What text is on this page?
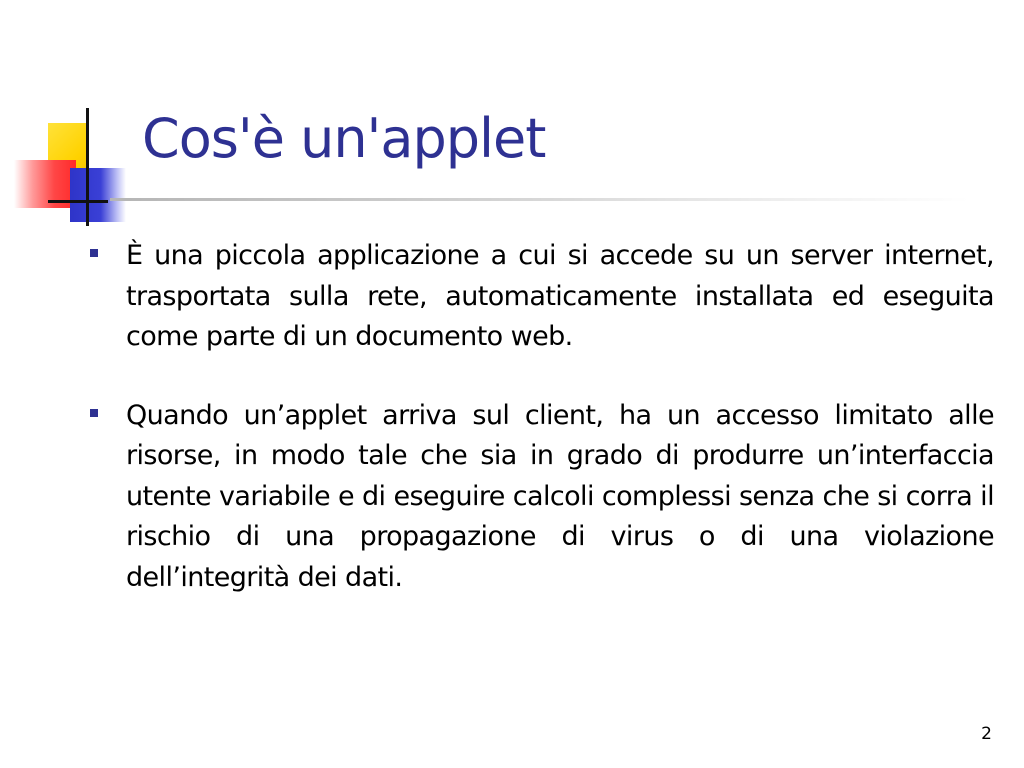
Cos'è un'applet
È una piccola applicazione a cui si accede su un server internet, trasportata sulla rete, automaticamente installata ed eseguita come parte di un documento web.
Quando un’applet arriva sul client, ha un accesso limitato alle risorse, in modo tale che sia in grado di produrre un’interfaccia utente variabile e di eseguire calcoli complessi senza che si corra il rischio di una propagazione di virus o di una violazione dell’integrità dei dati.
2
